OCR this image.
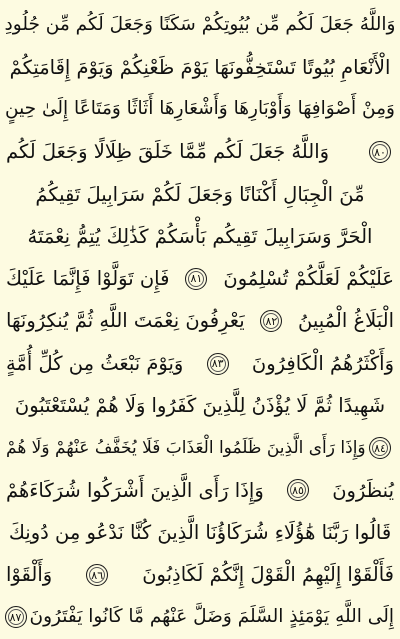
وَاللَّهُ جَعَلَ لَكُم مِّن بُيُوتِكُمْ سَكَنًا وَجَعَلَ لَكُم مِّن جُلُودِ
الْأَنْعَامِ بُيُوتًا تَسْتَخِفُّونَهَا يَوْمَ ظَعْنِكُمْ وَيَوْمَ إِقَامَتِكُمْ
وَمِنْ أَصْوَافِهَا وَأَوْبَارِهَا وَأَشْعَارِهَا أَثَاثًا وَمَتَاعًا إِلَىٰ حِينٍ
٨٠
وَاللَّهُ جَعَلَ لَكُم مِّمَّا خَلَقَ ظِلَالًا وَجَعَلَ لَكُم
مِّنَ الْجِبَالِ أَكْنَانًا وَجَعَلَ لَكُمْ سَرَابِيلَ تَقِيكُمُ
الْحَرَّ وَسَرَابِيلَ تَقِيكُم بَأْسَكُمْ كَذَٰلِكَ يُتِمُّ نِعْمَتَهُ
عَلَيْكُمْ لَعَلَّكُمْ تُسْلِمُونَ
٨١
فَإِن تَوَلَّوْا فَإِنَّمَا عَلَيْكَ
الْبَلَاغُ الْمُبِينُ
٨٢
يَعْرِفُونَ نِعْمَتَ اللَّهِ ثُمَّ يُنكِرُونَهَا
وَأَكْثَرُهُمُ الْكَافِرُونَ
٨٣
وَيَوْمَ نَبْعَثُ مِن كُلِّ أُمَّةٍ
شَهِيدًا ثُمَّ لَا يُؤْذَنُ لِلَّذِينَ كَفَرُوا وَلَا هُمْ يُسْتَعْتَبُونَ
٨٤
وَإِذَا رَأَى الَّذِينَ ظَلَمُوا الْعَذَابَ فَلَا يُخَفَّفُ عَنْهُمْ وَلَا هُمْ
يُنظَرُونَ
٨٥
وَإِذَا رَأَى الَّذِينَ أَشْرَكُوا شُرَكَاءَهُمْ
قَالُوا رَبَّنَا هَٰؤُلَاءِ شُرَكَاؤُنَا الَّذِينَ كُنَّا نَدْعُو مِن دُونِكَ
فَأَلْقَوْا إِلَيْهِمُ الْقَوْلَ إِنَّكُمْ لَكَاذِبُونَ
٨٦
وَأَلْقَوْا
إِلَى اللَّهِ يَوْمَئِذٍ السَّلَمَ وَضَلَّ عَنْهُم مَّا كَانُوا يَفْتَرُونَ
٨٧
